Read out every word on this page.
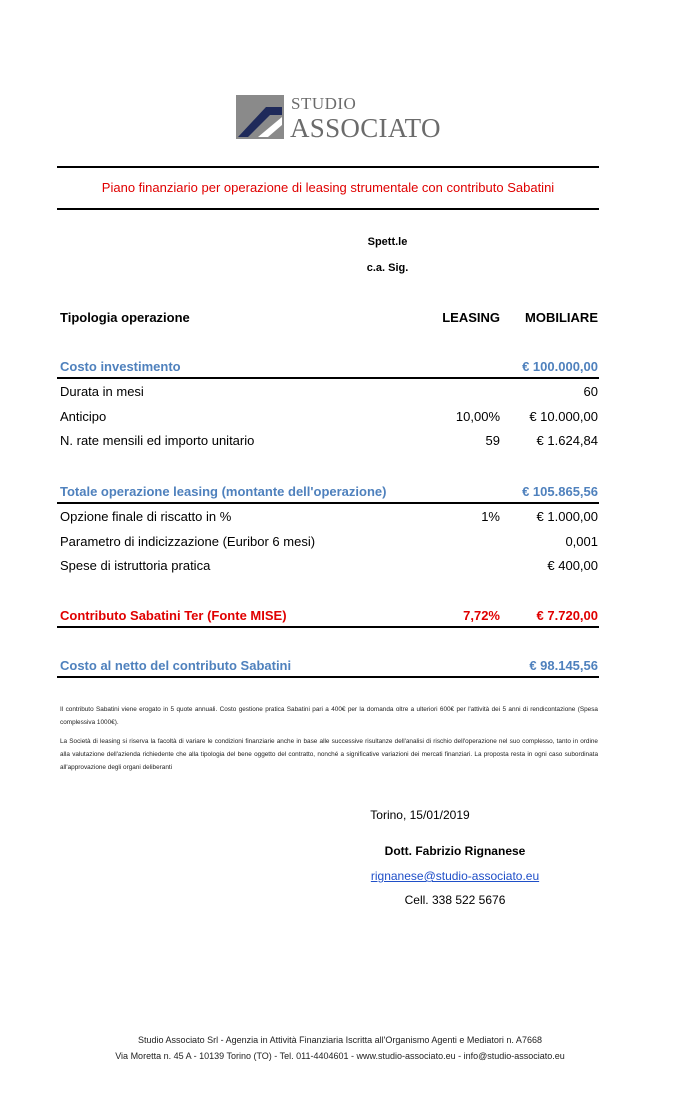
STUDIO
ASSOCIATO
Piano finanziario per operazione di leasing strumentale con contributo Sabatini
Spett.le
c.a. Sig.
Tipologia operazione	LEASING MOBILIARE
Costo investimento	€ 100.000,00
Durata in mesi	60
Anticipo	10,00% € 10.000,00
N. rate mensili ed importo unitario	59	€ 1.624,84
Totale operazione leasing (montante dell'operazione)	€ 105.865,56
Opzione finale di riscatto in %	1%	€ 1.000,00
Parametro di indicizzazione (Euribor 6 mesi)	0,001
Spese di istruttoria pratica	€ 400,00
Contributo Sabatini Ter (Fonte MISE)	7,72%	€ 7.720,00
Costo al netto del contributo Sabatini	€ 98.145,56
Il contributo Sabatini viene erogato in 5 quote annuali. Costo gestione pratica Sabatini pari a 400€ per la domanda oltre a ulteriori 600€ per l'attività dei 5 anni di rendicontazione (Spesa complessiva 1000€).
La Società di leasing si riserva la facoltà di variare le condizioni finanziarie anche in base alle successive risultanze dell'analisi di rischio dell'operazione nel suo complesso, tanto in ordine alla valutazione dell'azienda richiedente che alla tipologia del bene oggetto del contratto, nonché a significative variazioni dei mercati finanziari. La proposta resta in ogni caso subordinata all'approvazione degli organi deliberanti
Torino, 15/01/2019
Dott. Fabrizio Rignanese
rignanese@studio-associato.eu
Cell. 338 522 5676
Studio Associato Srl - Agenzia in Attività Finanziaria Iscritta all'Organismo Agenti e Mediatori n. A7668
Via Moretta n. 45 A - 10139 Torino (TO) - Tel. 011-4404601 - www.studio-associato.eu - info@studio-associato.eu
